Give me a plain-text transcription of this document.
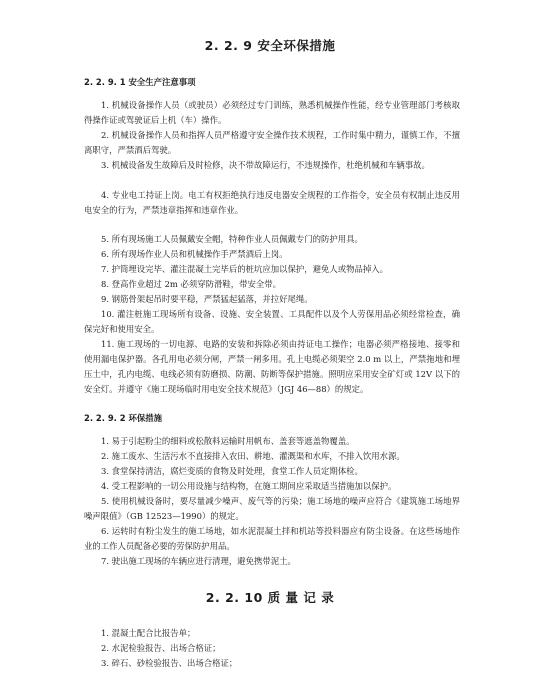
2. 2. 9 安全环保措施
2. 2. 9. 1 安全生产注意事项

1. 机械设备操作人员（或驶员）必须经过专门训练，熟悉机械操作性能，经专业管理部门考核取得操作证或驾驶证后上机（车）操作。

2. 机械设备操作人员和指挥人员严格遵守安全操作技术规程，工作时集中精力，谨慎工作，不擅离职守，严禁酒后驾驶。

3. 机械设备发生故障后及时检修，决不带故障运行，不违规操作，杜绝机械和车辆事故。

4. 专业电工持证上岗。电工有权拒绝执行违反电器安全规程的工作指令，安全员有权制止违反用电安全的行为，严禁违章指挥和违章作业。

5. 所有现场施工人员佩戴安全帽，特种作业人员佩戴专门的防护用具。

6. 所有现场作业人员和机械操作手严禁酒后上岗。

7. 护筒埋设完毕、灌注混凝土完毕后的桩坑应加以保护，避免人或物品掉入。

8. 登高作业超过 2m 必须穿防滑鞋，带安全带。

9. 钢筋骨架起吊时要平稳，严禁猛起猛落，并拉好尾绳。

10. 灌注桩施工现场所有设备、设施、安全装置、工具配件以及个人劳保用品必须经常检查，确保完好和使用安全。

11. 施工现场的一切电源、电路的安装和拆除必须由持证电工操作；电器必须严格接地、接零和使用漏电保护器。各孔用电必须分闸，严禁一闸多用。孔上电缆必须架空 2.0 m 以上，严禁拖地和埋压土中，孔内电缆、电线必须有防磨损、防潮、防断等保护措施。照明应采用安全矿灯或 12V 以下的安全灯。并遵守《施工现场临时用电安全技术规范》（JGJ 46—88）的规定。

2. 2. 9. 2 环保措施

1. 易于引起粉尘的细料或松散料运输时用帆布、盖套等遮盖物覆盖。

2. 施工废水、生活污水不直接排入农田、耕地、灌溉渠和水库，不排入饮用水源。

3. 食堂保持清洁，腐烂变质的食物及时处理，食堂工作人员定期体检。

4. 受工程影响的一切公用设施与结构物，在施工期间应采取适当措施加以保护。

5. 使用机械设备时，要尽量减少噪声、废气等的污染；施工场地的噪声应符合《建筑施工场地界噪声限值》（GB 12523—1990）的规定。

6. 运转时有粉尘发生的施工场地，如水泥混凝土拌和机站等投料器应有防尘设备。在这些场地作业的工作人员配备必要的劳保防护用品。

7. 驶出施工现场的车辆应进行清理，避免携带泥土。

2. 2. 10 质 量 记 录

1. 混凝土配合比报告单；

2. 水泥检验报告、出场合格证；

3. 碎石、砂检验报告、出场合格证；
